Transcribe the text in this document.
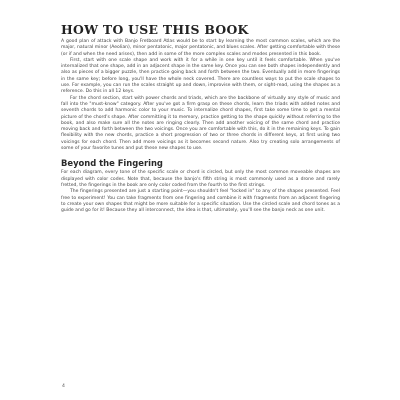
HOW TO USE THIS BOOK

A good plan of attack with Banjo Fretboard Atlas would be to start by learning the most common scales, which are the major, natural minor (Aeolian), minor pentatonic, major pentatonic, and blues scales. After getting comfortable with these (or if and when the need arises), then add in some of the more complex scales and modes presented in this book.

First, start with one scale shape and work with it for a while in one key until it feels comfortable. When you've internalized that one shape, add in an adjacent shape in the same key. Once you can see both shapes independently and also as pieces of a bigger puzzle, then practice going back and forth between the two. Eventually add in more fingerings in the same key; before long, you'll have the whole neck covered. There are countless ways to put the scale shapes to use. For example, you can run the scales straight up and down, improvise with them, or sight-read, using the shapes as a reference. Do this in all 12 keys.

For the chord section, start with power chords and triads, which are the backbone of virtually any style of music and fall into the "must-know" category. After you've got a firm grasp on these chords, learn the triads with added notes and seventh chords to add harmonic color to your music. To internalize chord shapes, first take some time to get a mental picture of the chord's shape. After committing it to memory, practice getting to the shape quickly without referring to the book, and also make sure all the notes are ringing clearly. Then add another voicing of the same chord and practice moving back and forth between the two voicings. Once you are comfortable with this, do it in the remaining keys. To gain flexibility with the new chords, practice a short progression of two or three chords in different keys, at first using two voicings for each chord. Then add more voicings as it becomes second nature. Also try creating solo arrangements of some of your favorite tunes and put these new shapes to use.

Beyond the Fingering

For each diagram, every tone of the specific scale or chord is circled, but only the most common moveable shapes are displayed with color codes. Note that, because the banjo's fifth string is most commonly used as a drone and rarely fretted, the fingerings in the book are only color coded from the fourth to the first strings.

The fingerings presented are just a starting point—you shouldn't feel "locked in" to any of the shapes presented. Feel free to experiment! You can take fragments from one fingering and combine it with fragments from an adjacent fingering to create your own shapes that might be more suitable for a specific situation. Use the circled scale and chord tones as a guide and go for it! Because they all interconnect, the idea is that, ultimately, you'll see the banjo neck as one unit.

4
